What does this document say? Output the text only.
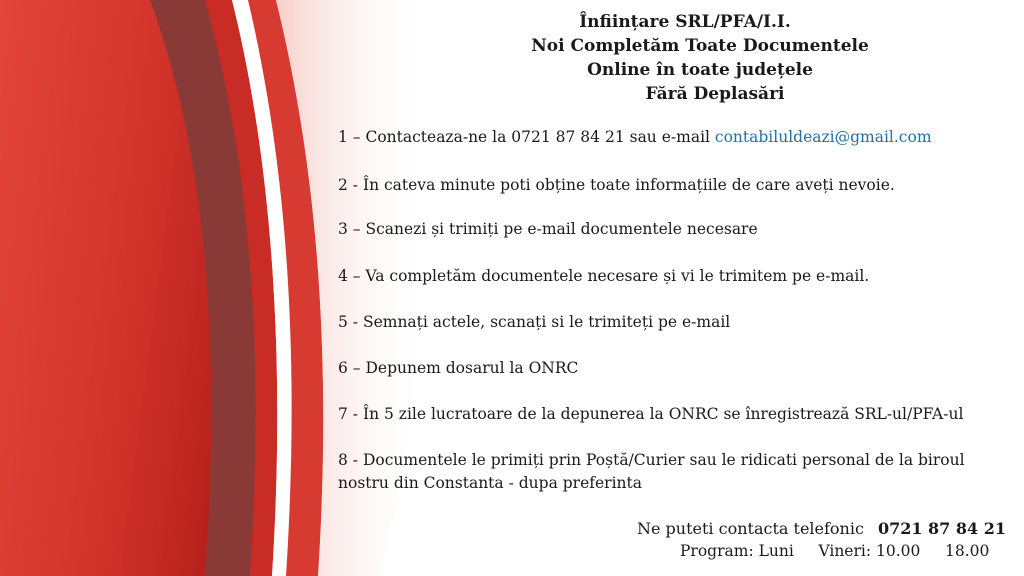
Înființare SRL/PFA/I.I.
Noi Completăm Toate Documentele
Online în toate județele
Fără Deplasări
1 – Contacteaza-ne la 0721 87 84 21 sau e-mail contabiluldeazi@gmail.com
2 - În cateva minute poti obține toate informațiile de care aveți nevoie.
3 – Scanezi și trimiți pe e-mail documentele necesare
4 – Va completăm documentele necesare și vi le trimitem pe e-mail.
5 - Semnați actele, scanați si le trimiteți pe e-mail
6 – Depunem dosarul la ONRC
7 - În 5 zile lucratoare de la depunerea la ONRC se înregistrează SRL-ul/PFA-ul
8 - Documentele le primiți prin Poștă/Curier sau le ridicati personal de la biroul
nostru din Constanta - dupa preferinta
Ne puteti contacta telefonic 0721 87 84 21
Program: Luni     Vineri: 10.00     18.00
